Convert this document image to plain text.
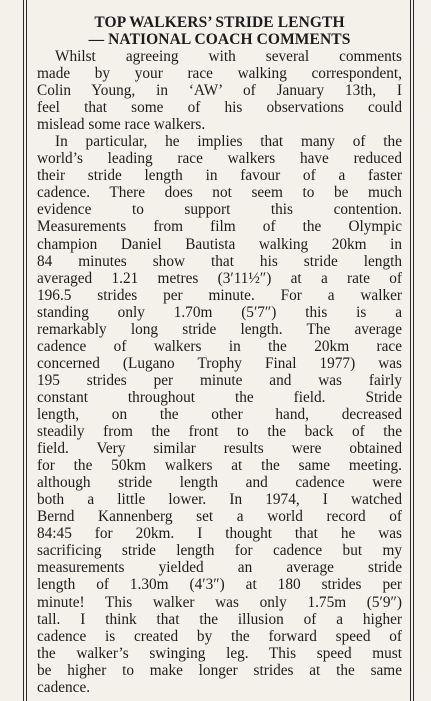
TOP WALKERS’ STRIDE LENGTH
— NATIONAL COACH COMMENTS

Whilst agreeing with several comments
made by your race walking correspondent,
Colin Young, in ‘AW’ of January 13th, I
feel that some of his observations could
mislead some race walkers.

In particular, he implies that many of the
world’s leading race walkers have reduced
their stride length in favour of a faster
cadence. There does not seem to be much
evidence to support this contention.
Measurements from film of the Olympic
champion Daniel Bautista walking 20km in
84 minutes show that his stride length
averaged 1.21 metres (3′11½″) at a rate of
196.5 strides per minute. For a walker
standing only 1.70m (5′7″) this is a
remarkably long stride length. The average
cadence of walkers in the 20km race
concerned (Lugano Trophy Final 1977) was
195 strides per minute and was fairly
constant throughout the field. Stride
length, on the other hand, decreased
steadily from the front to the back of the
field. Very similar results were obtained
for the 50km walkers at the same meeting.
although stride length and cadence were
both a little lower. In 1974, I watched
Bernd Kannenberg set a world record of
84:45 for 20km. I thought that he was
sacrificing stride length for cadence but my
measurements yielded an average stride
length of 1.30m (4′3″) at 180 strides per
minute! This walker was only 1.75m (5′9″)
tall. I think that the illusion of a higher
cadence is created by the forward speed of
the walker’s swinging leg. This speed must
be higher to make longer strides at the same
cadence.
